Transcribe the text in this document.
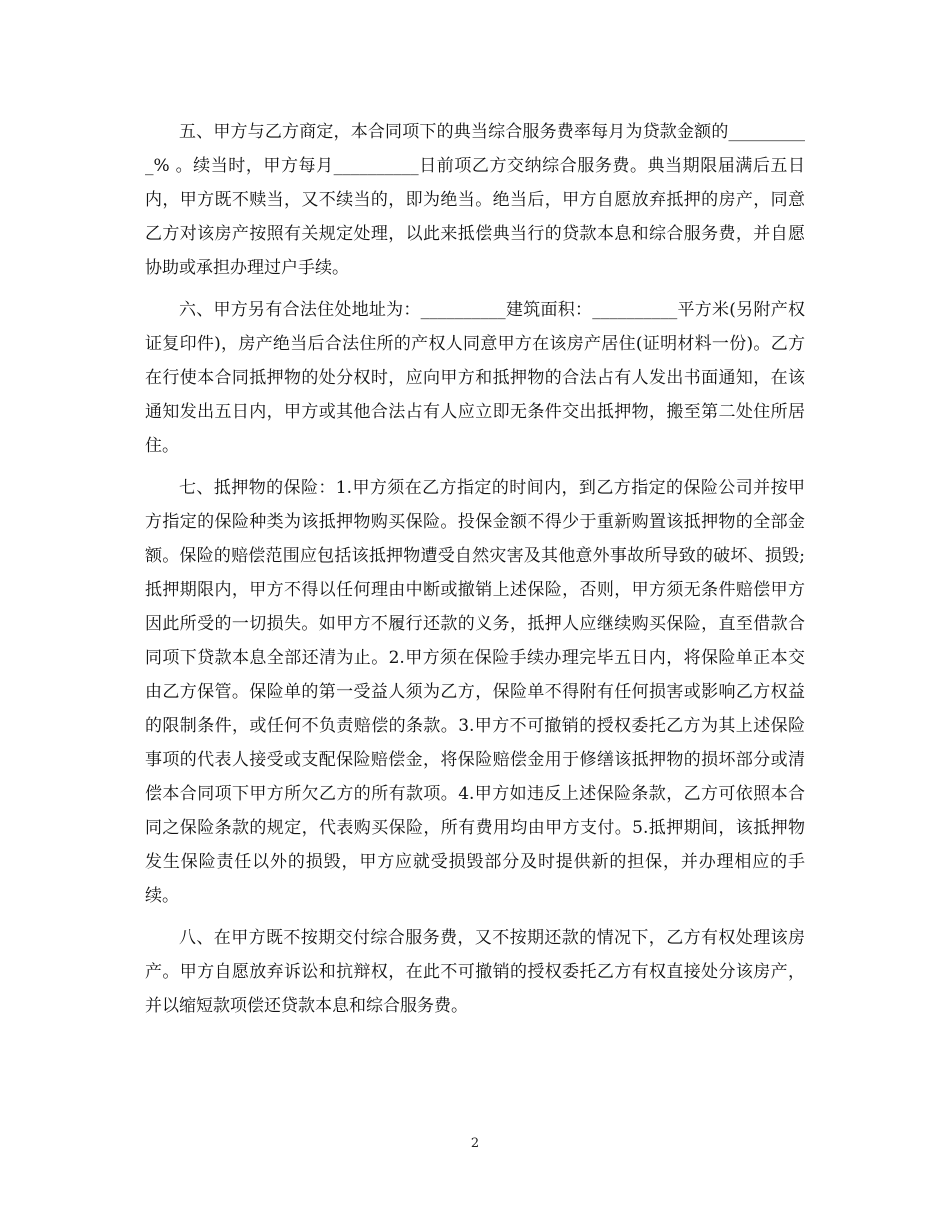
五、甲方与乙方商定，本合同项下的典当综合服务费率每月为贷款金额的__________% 。续当时，甲方每月__________日前项乙方交纳综合服务费。典当期限届满后五日内，甲方既不赎当，又不续当的，即为绝当。绝当后，甲方自愿放弃抵押的房产，同意乙方对该房产按照有关规定处理，以此来抵偿典当行的贷款本息和综合服务费，并自愿协助或承担办理过户手续。

六、甲方另有合法住处地址为：__________建筑面积：__________平方米(另附产权证复印件)，房产绝当后合法住所的产权人同意甲方在该房产居住(证明材料一份)。乙方在行使本合同抵押物的处分权时，应向甲方和抵押物的合法占有人发出书面通知，在该通知发出五日内，甲方或其他合法占有人应立即无条件交出抵押物，搬至第二处住所居住。

七、抵押物的保险：1.甲方须在乙方指定的时间内，到乙方指定的保险公司并按甲方指定的保险种类为该抵押物购买保险。投保金额不得少于重新购置该抵押物的全部金额。保险的赔偿范围应包括该抵押物遭受自然灾害及其他意外事故所导致的破坏、损毁;抵押期限内，甲方不得以任何理由中断或撤销上述保险，否则，甲方须无条件赔偿甲方因此所受的一切损失。如甲方不履行还款的义务，抵押人应继续购买保险，直至借款合同项下贷款本息全部还清为止。2.甲方须在保险手续办理完毕五日内，将保险单正本交由乙方保管。保险单的第一受益人须为乙方，保险单不得附有任何损害或影响乙方权益的限制条件，或任何不负责赔偿的条款。3.甲方不可撤销的授权委托乙方为其上述保险事项的代表人接受或支配保险赔偿金，将保险赔偿金用于修缮该抵押物的损坏部分或清偿本合同项下甲方所欠乙方的所有款项。4.甲方如违反上述保险条款，乙方可依照本合同之保险条款的规定，代表购买保险，所有费用均由甲方支付。5.抵押期间，该抵押物发生保险责任以外的损毁，甲方应就受损毁部分及时提供新的担保，并办理相应的手续。

八、在甲方既不按期交付综合服务费，又不按期还款的情况下，乙方有权处理该房产。甲方自愿放弃诉讼和抗辩权，在此不可撤销的授权委托乙方有权直接处分该房产，并以缩短款项偿还贷款本息和综合服务费。

2
